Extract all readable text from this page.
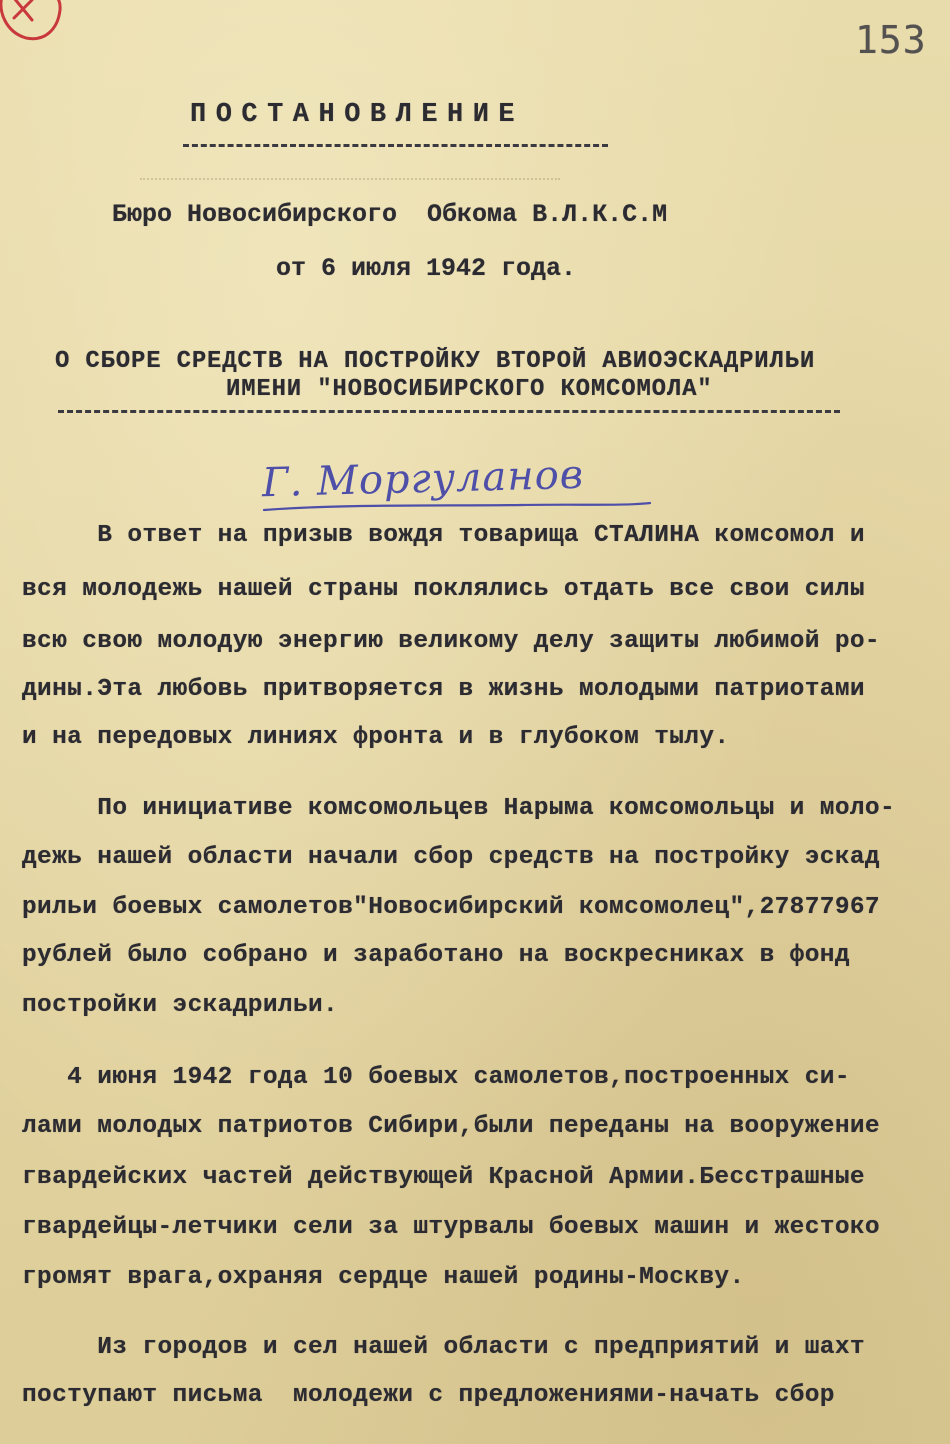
153
ПОСТАНОВЛЕНИЕ
Бюро Новосибирского  Обкома В.Л.К.С.М
от 6 июля 1942 года.
О СБОРЕ СРЕДСТВ НА ПОСТРОЙКУ ВТОРОЙ АВИОЭСКАДРИЛЬИ
ИМЕНИ "НОВОСИБИРСКОГО КОМСОМОЛА"
Г. Моргуланов
В ответ на призыв вождя товарища СТАЛИНА комсомол и
вся молодежь нашей страны поклялись отдать все свои силы
всю свою молодую энергию великому делу защиты любимой ро-
дины.Эта любовь притворяется в жизнь молодыми патриотами
и на передовых линиях фронта и в глубоком тылу.
По инициативе комсомольцев Нарыма комсомольцы и моло-
дежь нашей области начали сбор средств на постройку эскад
рильи боевых самолетов"Новосибирский комсомолец",27877967
рублей было собрано и заработано на воскресниках в фонд
постройки эскадрильи.
4 июня 1942 года 10 боевых самолетов,построенных си-
лами молодых патриотов Сибири,были переданы на вооружение
гвардейских частей действующей Красной Армии.Бесстрашные
гвардейцы-летчики сели за штурвалы боевых машин и жестоко
громят врага,охраняя сердце нашей родины-Москву.
Из городов и сел нашей области с предприятий и шахт
поступают письма  молодежи с предложениями-начать сбор
